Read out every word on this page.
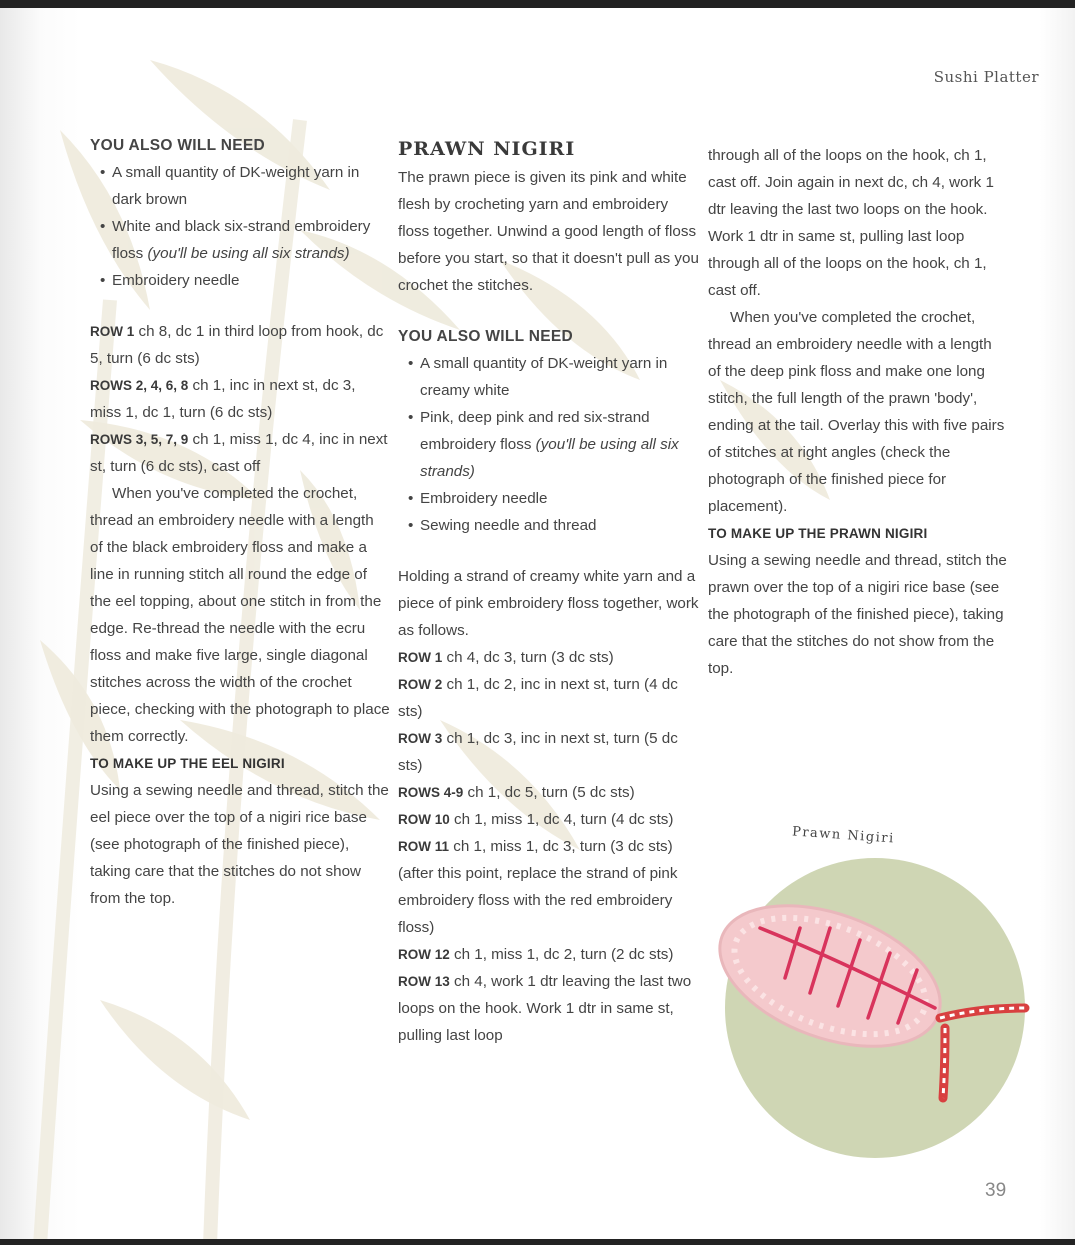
Sushi Platter
YOU ALSO WILL NEED
• A small quantity of DK-weight yarn in dark brown
• White and black six-strand embroidery floss (you'll be using all six strands)
• Embroidery needle

ROW 1 ch 8, dc 1 in third loop from hook, dc 5, turn (6 dc sts)

ROWS 2, 4, 6, 8 ch 1, inc in next st, dc 3, miss 1, dc 1, turn (6 dc sts)

ROWS 3, 5, 7, 9 ch 1, miss 1, dc 4, inc in next st, turn (6 dc sts), cast off

When you've completed the crochet, thread an embroidery needle with a length of the black embroidery floss and make a line in running stitch all round the edge of the eel topping, about one stitch in from the edge. Re-thread the needle with the ecru floss and make five large, single diagonal stitches across the width of the crochet piece, checking with the photograph to place them correctly.

TO MAKE UP THE EEL NIGIRI

Using a sewing needle and thread, stitch the eel piece over the top of a nigiri rice base (see photograph of the finished piece), taking care that the stitches do not show from the top.

PRAWN NIGIRI

The prawn piece is given its pink and white flesh by crocheting yarn and embroidery floss together. Unwind a good length of floss before you start, so that it doesn't pull as you crochet the stitches.

YOU ALSO WILL NEED
• A small quantity of DK-weight yarn in creamy white
• Pink, deep pink and red six-strand embroidery floss (you'll be using all six strands)
• Embroidery needle
• Sewing needle and thread

Holding a strand of creamy white yarn and a piece of pink embroidery floss together, work as follows.

ROW 1 ch 4, dc 3, turn (3 dc sts)

ROW 2 ch 1, dc 2, inc in next st, turn (4 dc sts)

ROW 3 ch 1, dc 3, inc in next st, turn (5 dc sts)

ROWS 4-9 ch 1, dc 5, turn (5 dc sts)

ROW 10 ch 1, miss 1, dc 4, turn (4 dc sts)

ROW 11 ch 1, miss 1, dc 3, turn (3 dc sts) (after this point, replace the strand of pink embroidery floss with the red embroidery floss)

ROW 12 ch 1, miss 1, dc 2, turn (2 dc sts)

ROW 13 ch 4, work 1 dtr leaving the last two loops on the hook. Work 1 dtr in same st, pulling last loop

through all of the loops on the hook, ch 1, cast off. Join again in next dc, ch 4, work 1 dtr leaving the last two loops on the hook. Work 1 dtr in same st, pulling last loop through all of the loops on the hook, ch 1, cast off.

When you've completed the crochet, thread an embroidery needle with a length of the deep pink floss and make one long stitch, the full length of the prawn 'body', ending at the tail. Overlay this with five pairs of stitches at right angles (check the photograph of the finished piece for placement).

TO MAKE UP THE PRAWN NIGIRI

Using a sewing needle and thread, stitch the prawn over the top of a nigiri rice base (see the photograph of the finished piece), taking care that the stitches do not show from the top.

Prawn Nigiri
39
